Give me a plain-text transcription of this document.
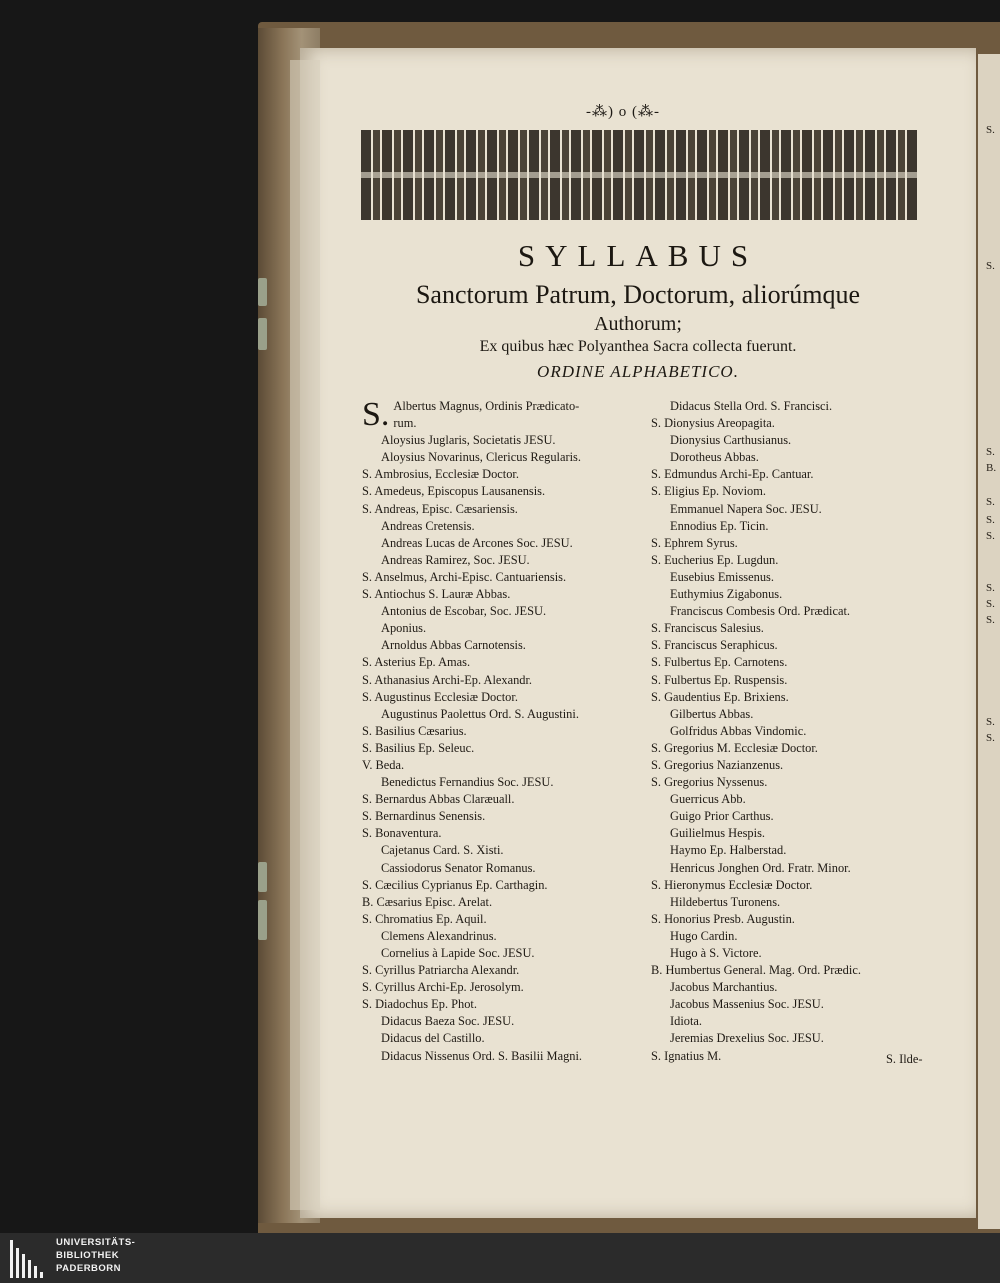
S.
S.
S.
B.
S.
S.
S.
S.
S.
S.
S.
S.
-⁂) o (⁂-
SYLLABUS
Sanctorum Patrum, Doctorum, aliorúmque
Authorum;
Ex quibus hæc Polyanthea Sacra collecta fuerunt.
ORDINE ALPHABETICO.
S. Albertus Magnus, Ordinis Prædicato-
rum.
Aloysius Juglaris, Societatis JESU.
Aloysius Novarinus, Clericus Regularis.
S. Ambrosius, Ecclesiæ Doctor.
S. Amedeus, Episcopus Lausanensis.
S. Andreas, Episc. Cæsariensis.
Andreas Cretensis.
Andreas Lucas de Arcones Soc. JESU.
Andreas Ramirez, Soc. JESU.
S. Anselmus, Archi-Episc. Cantuariensis.
S. Antiochus S. Lauræ Abbas.
Antonius de Escobar, Soc. JESU.
Aponius.
Arnoldus Abbas Carnotensis.
S. Asterius Ep. Amas.
S. Athanasius Archi-Ep. Alexandr.
S. Augustinus Ecclesiæ Doctor.
Augustinus Paolettus Ord. S. Augustini.
S. Basilius Cæsarius.
S. Basilius Ep. Seleuc.
V. Beda.
Benedictus Fernandius Soc. JESU.
S. Bernardus Abbas Claræuall.
S. Bernardinus Senensis.
S. Bonaventura.
Cajetanus Card. S. Xisti.
Cassiodorus Senator Romanus.
S. Cæcilius Cyprianus Ep. Carthagin.
B. Cæsarius Episc. Arelat.
S. Chromatius Ep. Aquil.
Clemens Alexandrinus.
Cornelius à Lapide Soc. JESU.
S. Cyrillus Patriarcha Alexandr.
S. Cyrillus Archi-Ep. Jerosolym.
S. Diadochus Ep. Phot.
Didacus Baeza Soc. JESU.
Didacus del Castillo.
Didacus Nissenus Ord. S. Basilii Magni.
Didacus Stella Ord. S. Francisci.
S. Dionysius Areopagita.
Dionysius Carthusianus.
Dorotheus Abbas.
S. Edmundus Archi-Ep. Cantuar.
S. Eligius Ep. Noviom.
Emmanuel Napera Soc. JESU.
Ennodius Ep. Ticin.
S. Ephrem Syrus.
S. Eucherius Ep. Lugdun.
Eusebius Emissenus.
Euthymius Zigabonus.
Franciscus Combesis Ord. Prædicat.
S. Franciscus Salesius.
S. Franciscus Seraphicus.
S. Fulbertus Ep. Carnotens.
S. Fulbertus Ep. Ruspensis.
S. Gaudentius Ep. Brixiens.
Gilbertus Abbas.
Golfridus Abbas Vindomic.
S. Gregorius M. Ecclesiæ Doctor.
S. Gregorius Nazianzenus.
S. Gregorius Nyssenus.
Guerricus Abb.
Guigo Prior Carthus.
Guilielmus Hespis.
Haymo Ep. Halberstad.
Henricus Jonghen Ord. Fratr. Minor.
S. Hieronymus Ecclesiæ Doctor.
Hildebertus Turonens.
S. Honorius Presb. Augustin.
Hugo Cardin.
Hugo à S. Victore.
B. Humbertus General. Mag. Ord. Prædic.
Jacobus Marchantius.
Jacobus Massenius Soc. JESU.
Idiota.
Jeremias Drexelius Soc. JESU.
S. Ignatius M.	S. Ilde-
UNIVERSITÄTS-
BIBLIOTHEK
PADERBORN
